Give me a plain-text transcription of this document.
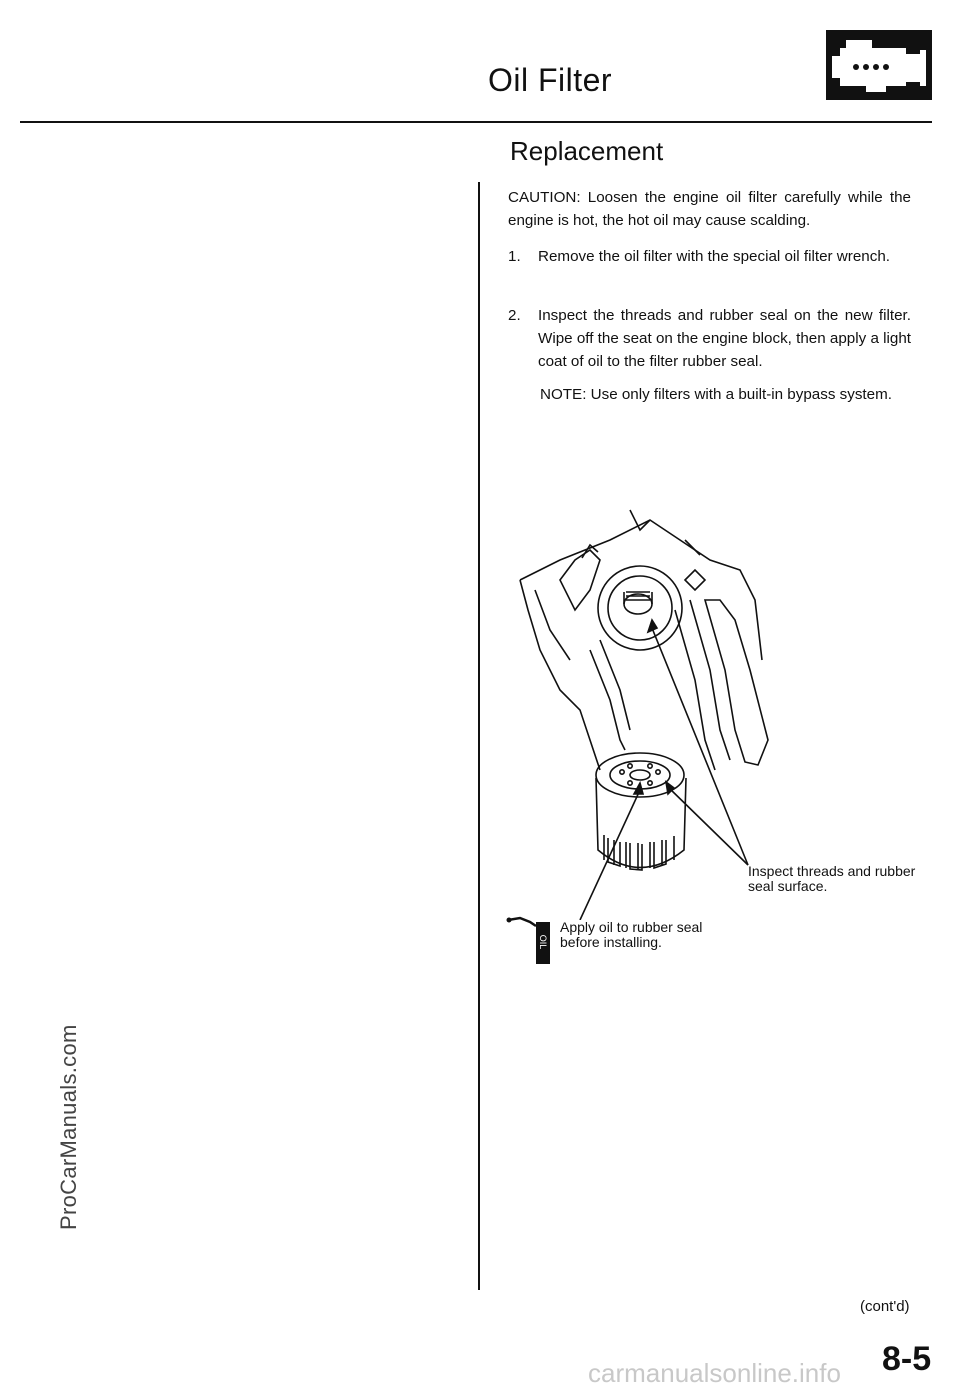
Oil Filter
Replacement
CAUTION: Loosen the engine oil filter carefully while the engine is hot, the hot oil may cause scalding.
1.	Remove the oil filter with the special oil filter wrench.
2.	Inspect the threads and rubber seal on the new filter. Wipe off the seat on the engine block, then apply a light coat of oil to the filter rubber seal.
NOTE: Use only filters with a built-in bypass system.
Inspect threads and rubber seal surface.
OIL
Apply oil to rubber seal before installing.
ProCarManuals.com
(cont'd)
8-5
carmanualsonline.info
